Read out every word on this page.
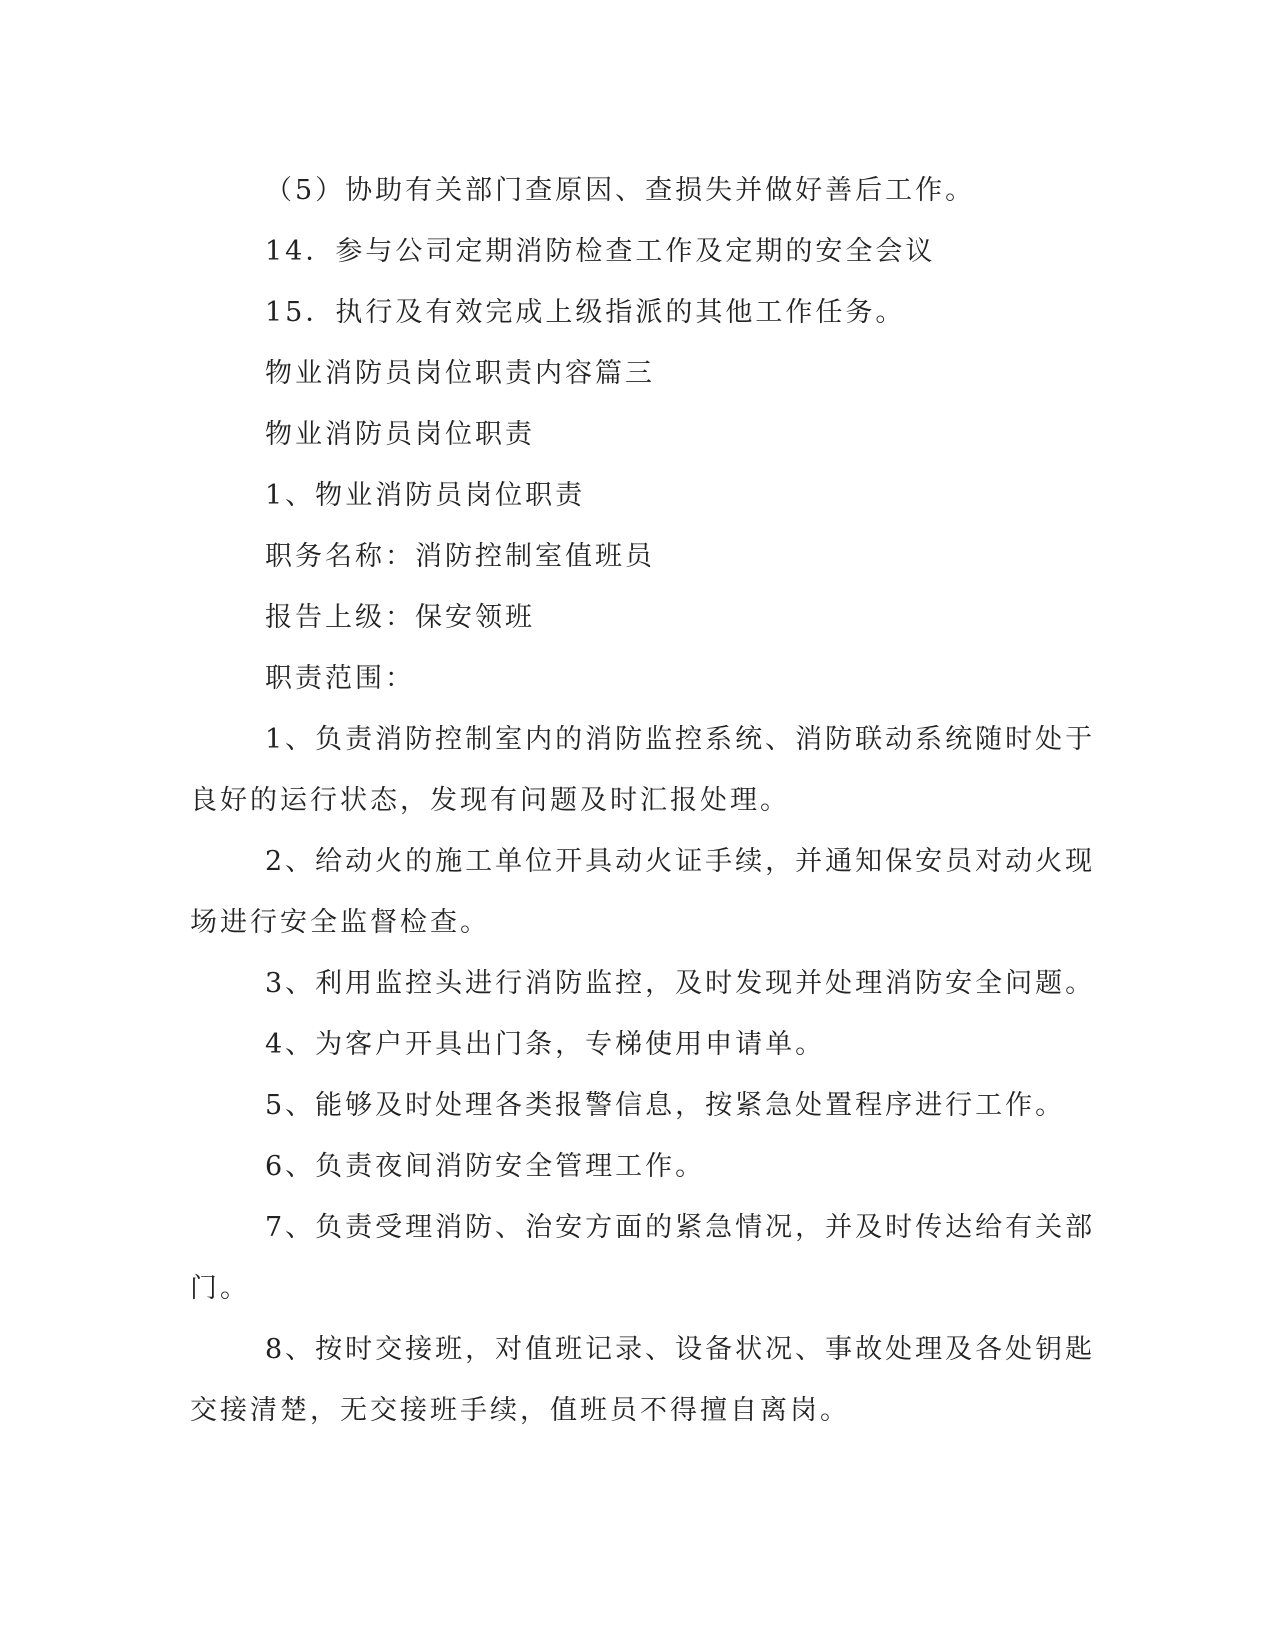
（5）协助有关部门查原因、查损失并做好善后工作。
14．参与公司定期消防检查工作及定期的安全会议
15．执行及有效完成上级指派的其他工作任务。
物业消防员岗位职责内容篇三
物业消防员岗位职责
1、物业消防员岗位职责
职务名称：消防控制室值班员
报告上级：保安领班
职责范围：
1、负责消防控制室内的消防监控系统、消防联动系统随时处于
良好的运行状态，发现有问题及时汇报处理。
2、给动火的施工单位开具动火证手续，并通知保安员对动火现
场进行安全监督检查。
3、利用监控头进行消防监控，及时发现并处理消防安全问题。
4、为客户开具出门条，专梯使用申请单。
5、能够及时处理各类报警信息，按紧急处置程序进行工作。
6、负责夜间消防安全管理工作。
7、负责受理消防、治安方面的紧急情况，并及时传达给有关部
门。
8、按时交接班，对值班记录、设备状况、事故处理及各处钥匙
交接清楚，无交接班手续，值班员不得擅自离岗。
